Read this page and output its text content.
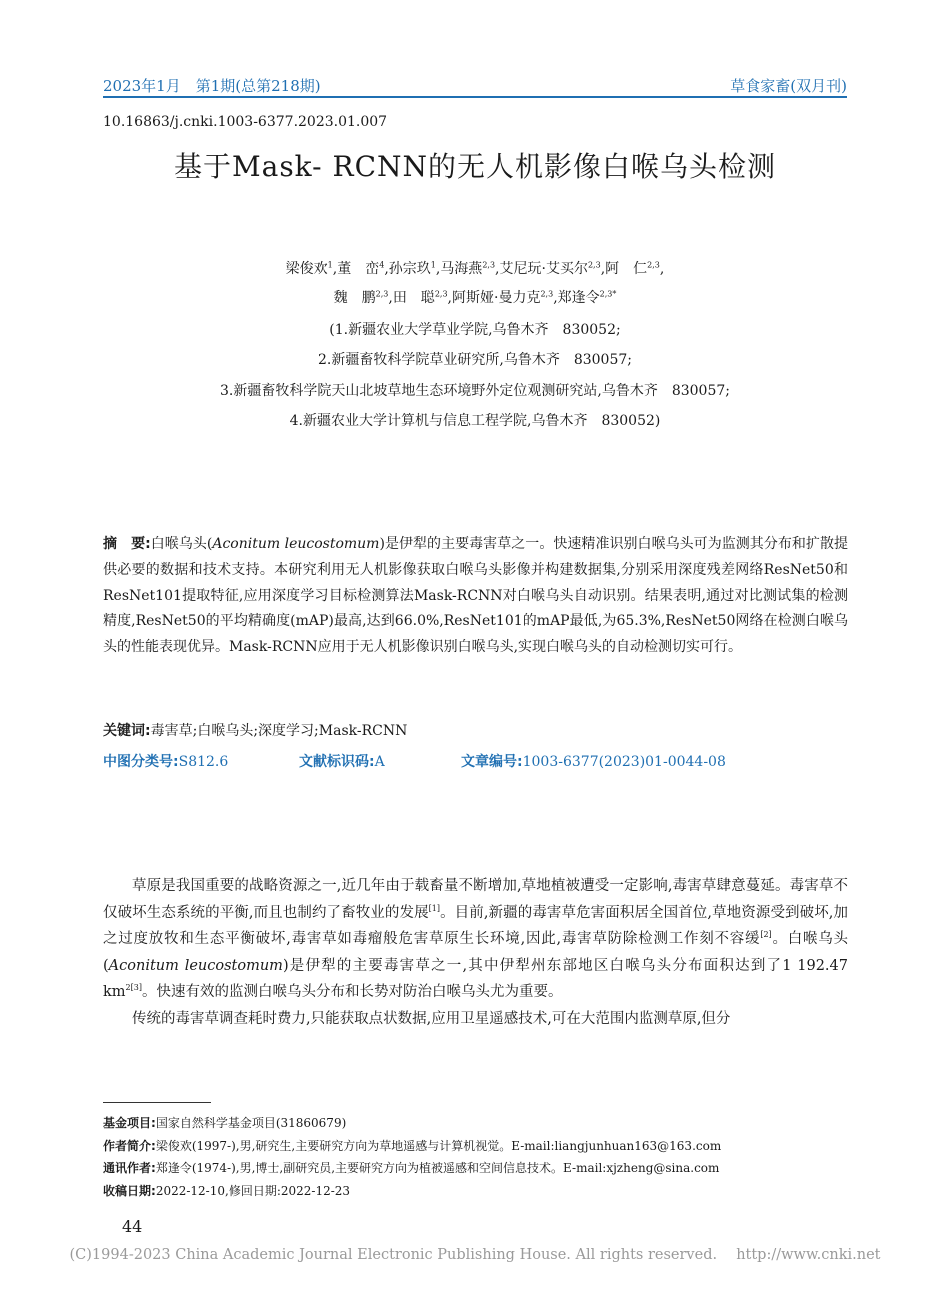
2023年1月　第1期(总第218期)	草食家畜(双月刊)
10.16863/j.cnki.1003-6377.2023.01.007
基于Mask- RCNN的无人机影像白喉乌头检测
梁俊欢$^1$,董　峦$^4$,孙宗玖$^1$,马海燕$^{2,3}$,艾尼玩·艾买尔$^{2,3}$,阿　仁$^{2,3}$,
魏　鹏$^{2,3}$,田　聪$^{2,3}$,阿斯娅·曼力克$^{2,3}$,郑逢令$^{2,3*}$
(1.新疆农业大学草业学院,乌鲁木齐　830052;
2.新疆畜牧科学院草业研究所,乌鲁木齐　830057;
3.新疆畜牧科学院天山北坡草地生态环境野外定位观测研究站,乌鲁木齐　830057;
4.新疆农业大学计算机与信息工程学院,乌鲁木齐　830052)
摘　要:白喉乌头(Aconitum leucostomum)是伊犁的主要毒害草之一。快速精准识别白喉乌头可为监测其分布和扩散提供必要的数据和技术支持。本研究利用无人机影像获取白喉乌头影像并构建数据集,分别采用深度残差网络ResNet50和ResNet101提取特征,应用深度学习目标检测算法Mask-RCNN对白喉乌头自动识别。结果表明,通过对比测试集的检测精度,ResNet50的平均精确度(mAP)最高,达到66.0%,ResNet101的mAP最低,为65.3%,ResNet50网络在检测白喉乌头的性能表现优异。Mask-RCNN应用于无人机影像识别白喉乌头,实现白喉乌头的自动检测切实可行。
关键词:毒害草;白喉乌头;深度学习;Mask-RCNN
中图分类号:S812.6	文献标识码:A	文章编号:1003-6377(2023)01-0044-08

草原是我国重要的战略资源之一,近几年由于载畜量不断增加,草地植被遭受一定影响,毒害草肆意蔓延。毒害草不仅破坏生态系统的平衡,而且也制约了畜牧业的发展[1]。目前,新疆的毒害草危害面积居全国首位,草地资源受到破坏,加之过度放牧和生态平衡破坏,毒害草如毒瘤般危害草原生长环境,因此,毒害草防除检测工作刻不容缓[2]。白喉乌头(Aconitum leucostomum)是伊犁的主要毒害草之一,其中伊犁州东部地区白喉乌头分布面积达到了1 192.47 $km^{2[3]}$。快速有效的监测白喉乌头分布和长势对防治白喉乌头尤为重要。

传统的毒害草调查耗时费力,只能获取点状数据,应用卫星遥感技术,可在大范围内监测草原,但分

基金项目:国家自然科学基金项目(31860679)
作者简介:梁俊欢(1997-),男,研究生,主要研究方向为草地遥感与计算机视觉。E-mail:liangjunhuan163@163.com
通讯作者:郑逢令(1974-),男,博士,副研究员,主要研究方向为植被遥感和空间信息技术。E-mail:xjzheng@sina.com
收稿日期:2022-12-10,修回日期:2022-12-23
44
(C)1994-2023 China Academic Journal Electronic Publishing House. All rights reserved.　 http://www.cnki.net
